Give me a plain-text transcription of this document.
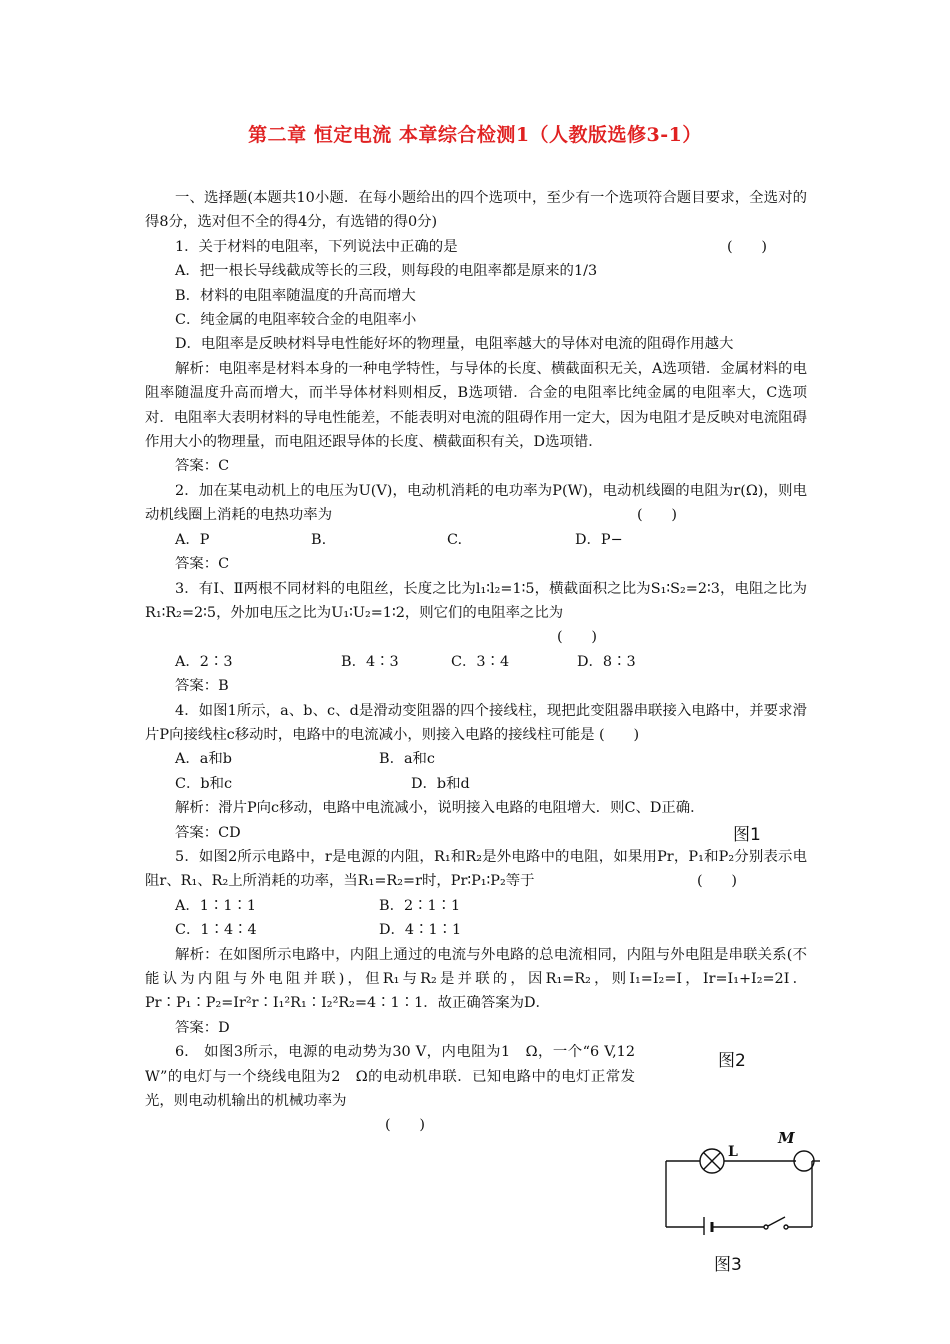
第二章 恒定电流 本章综合检测1（人教版选修3-1）

一、选择题(本题共10小题．在每小题给出的四个选项中，至少有一个选项符合题目要求，全选对的得8分，选对但不全的得4分，有选错的得0分)

1．关于材料的电阻率，下列说法中正确的是	(　　)

A．把一根长导线截成等长的三段，则每段的电阻率都是原来的1/3

B．材料的电阻率随温度的升高而增大

C．纯金属的电阻率较合金的电阻率小

D．电阻率是反映材料导电性能好坏的物理量，电阻率越大的导体对电流的阻碍作用越大

解析：电阻率是材料本身的一种电学特性，与导体的长度、横截面积无关，A选项错．金属材料的电阻率随温度升高而增大，而半导体材料则相反，B选项错．合金的电阻率比纯金属的电阻率大，C选项对．电阻率大表明材料的导电性能差，不能表明对电流的阻碍作用一定大，因为电阻才是反映对电流阻碍作用大小的物理量，而电阻还跟导体的长度、横截面积有关，D选项错．

答案：C

2．加在某电动机上的电压为U(V)，电动机消耗的电功率为P(W)，电动机线圈的电阻为r(Ω)，则电动机线圈上消耗的电热功率为	(　　)

A．P	B.	C.	D．P−

答案：C

3．有Ⅰ、Ⅱ两根不同材料的电阻丝，长度之比为l₁∶l₂=1∶5，横截面积之比为S₁∶S₂=2∶3，电阻之比为R₁∶R₂=2∶5，外加电压之比为U₁∶U₂=1∶2，则它们的电阻率之比为

(　　)
A．2∶3	B．4∶3	C．3∶4	D．8∶3

答案：B

4．如图1所示，a、b、c、d是滑动变阻器的四个接线柱，现把此变阻器串联接入电路中，并要求滑片P向接线柱c移动时，电路中的电流减小，则接入电路的接线柱可能是 (　　)

A．a和b	B．a和c
C．b和c	D．b和d

解析：滑片P向c移动，电路中电流减小，说明接入电路的电阻增大．则C、D正确．

答案：CD

5．如图2所示电路中，r是电源的内阻，R₁和R₂是外电路中的电阻，如果用Pr，P₁和P₂分别表示电阻r、R₁、R₂上所消耗的功率，当R₁=R₂=r时，Pr∶P₁∶P₂等于	(　　)

A．1∶1∶1	B．2∶1∶1
C．1∶4∶4	D．4∶1∶1

解析：在如图所示电路中，内阻上通过的电流与外电路的总电流相同，内阻与外电阻是串联关系(不能认为内阻与外电阻并联)，但R₁与R₂是并联的，因R₁=R₂，则I₁=I₂=I，Ir=I₁+I₂=2I．Pr∶P₁∶P₂=Ir²r∶I₁²R₁∶I₂²R₂=4∶1∶1．故正确答案为D．

答案：D

6.　如图3所示，电源的电动势为30 V，内电阻为1　Ω，一个“6 V,12 W”的电灯与一个绕线电阻为2　Ω的电动机串联．已知电路中的电灯正常发光，则电动机输出的机械功率为

(　　)
图1
图2
图3
L
M
